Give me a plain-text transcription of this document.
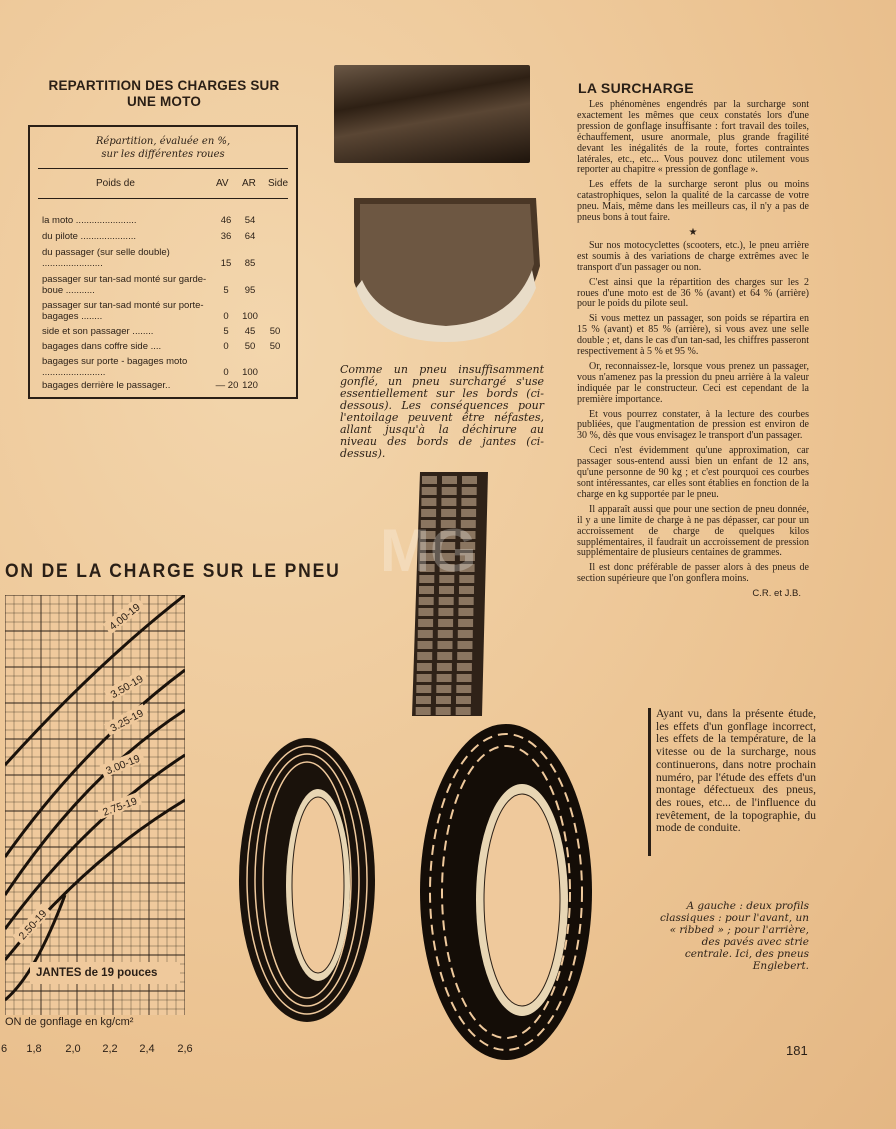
REPARTITION DES CHARGES SUR UNE MOTO
Répartition, évaluée en %, sur les différentes roues
Poids de	AV AR Side
la moto .......................	46	54
du pilote .....................	36	64
du passager (sur selle double) .......................	15	85
passager sur tan-sad monté sur garde-boue ...........	5	95
passager sur tan-sad monté sur porte-bagages ........	0	100
side et son passager ........	5	45	50
bagages dans coffre side ....	0	50	50
bagages sur porte - bagages moto ........................	0	100
bagages derrière le passager..	— 20 120
Comme un pneu insuffisamment gonflé, un pneu surchargé s'use essentiellement sur les bords (ci-dessous). Les conséquences pour l'entoilage peuvent être néfastes, allant jusqu'à la déchirure au niveau des bords de jantes (ci-dessus).
MG
LA SURCHARGE

Les phénomènes engendrés par la surcharge sont exactement les mêmes que ceux constatés lors d'une pression de gonflage insuffisante : fort travail des toiles, échauffement, usure anormale, plus grande fragilité devant les inégalités de la route, fortes contraintes latérales, etc., etc... Vous pouvez donc utilement vous reporter au chapitre « pression de gonflage ».

Les effets de la surcharge seront plus ou moins catastrophiques, selon la qualité de la carcasse de votre pneu. Mais, même dans les meilleurs cas, il n'y a pas de pneus bons à tout faire.

★

Sur nos motocyclettes (scooters, etc.), le pneu arrière est soumis à des variations de charge extrêmes avec le transport d'un passager ou non.

C'est ainsi que la répartition des charges sur les 2 roues d'une moto est de 36 % (avant) et 64 % (arrière) pour le poids du pilote seul.

Si vous mettez un passager, son poids se répartira en 15 % (avant) et 85 % (arrière), si vous avez une selle double ; et, dans le cas d'un tan-sad, les chiffres passeront respectivement à 5 % et 95 %.

Or, reconnaissez-le, lorsque vous prenez un passager, vous n'amenez pas la pression du pneu arrière à la valeur indiquée par le constructeur. Ceci est cependant de la première importance.

Et vous pourrez constater, à la lecture des courbes publiées, que l'augmentation de pression est environ de 30 %, dès que vous envisagez le transport d'un passager.

Ceci n'est évidemment qu'une approximation, car passager sous-entend aussi bien un enfant de 12 ans, qu'une personne de 90 kg ; et c'est pourquoi ces courbes sont intéressantes, car elles sont établies en fonction de la charge en kg supportée par le pneu.

Il apparaît aussi que pour une section de pneu donnée, il y a une limite de charge à ne pas dépasser, car pour un accroissement de charge de quelques kilos supplémentaires, il faudrait un accroissement de pression supplémentaire de plusieurs centaines de grammes.

Il est donc préférable de passer alors à des pneus de section supérieure que l'on gonflera moins.

C.R. et J.B.

Ayant vu, dans la présente étude, les effets d'un gonflage incorrect, les effets de la température, de la vitesse ou de la surcharge, nous continuerons, dans notre prochain numéro, par l'étude des effets d'un montage défectueux des pneus, des roues, etc... de l'influence du revêtement, de la topographie, du mode de conduite.
A gauche : deux profils classiques : pour l'avant, un « ribbed » ; pour l'arrière, des pavés avec strie centrale. Ici, des pneus Englebert.
ON DE LA CHARGE SUR LE PNEU
4.00-19
3.50-19
3.25-19
3.00-19
2.75-19
2.50-19
JANTES de 19 pouces
ON de gonflage en kg/cm²
6 1,8 2,0 2,2 2,4 2,6	181
